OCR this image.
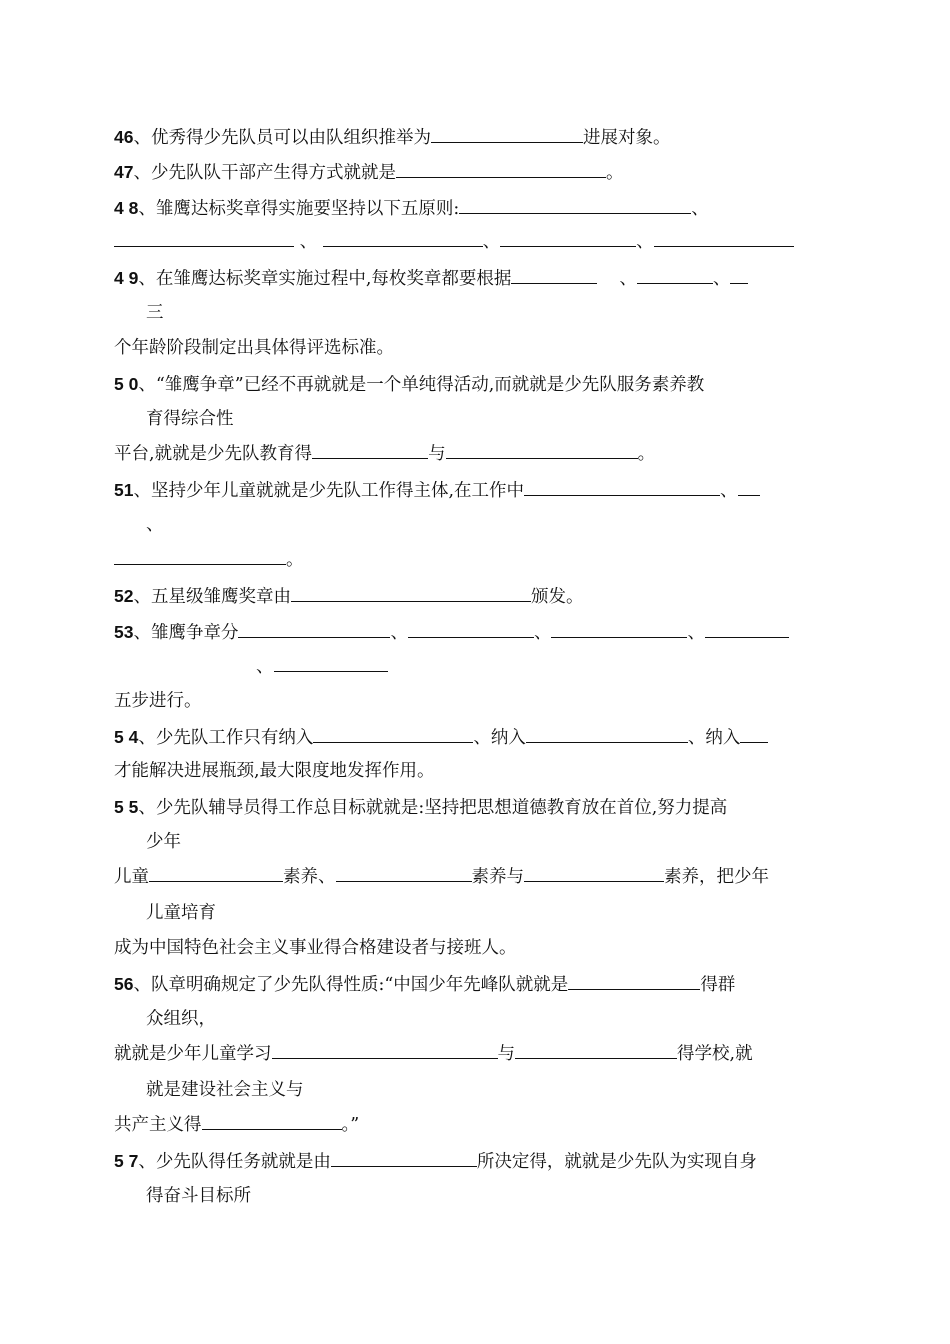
46、优秀得少先队员可以由队组织推举为	进展对象。
47、少先队队干部产生得方式就就是	。
4 8、雏鹰达标奖章得实施要坚持以下五原则:	、
、	、	、
4 9、在雏鹰达标奖章实施过程中,每枚奖章都要根据	、	、
三
个年龄阶段制定出具体得评选标准。
5 0、“雏鹰争章”已经不再就就是一个单纯得活动,而就就是少先队服务素养教
育得综合性
平台,就就是少先队教育得	与	。
51、坚持少年儿童就就是少先队工作得主体,在工作中	、
、
。
52、五星级雏鹰奖章由	颁发。
53、雏鹰争章分	、	、	、
、
五步进行。
5 4、少先队工作只有纳入	、纳入	、纳入
才能解决进展瓶颈,最大限度地发挥作用。
5 5、少先队辅导员得工作总目标就就是:坚持把思想道德教育放在首位,努力提高
少年
儿童	素养、	素养与	素养，把少年
儿童培育
成为中国特色社会主义事业得合格建设者与接班人。
56、队章明确规定了少先队得性质:“中国少年先峰队就就是	得群
众组织，
就就是少年儿童学习	与	得学校,就
就是建设社会主义与
共产主义得	。”
5 7、少先队得任务就就是由	所决定得，就就是少先队为实现自身
得奋斗目标所
